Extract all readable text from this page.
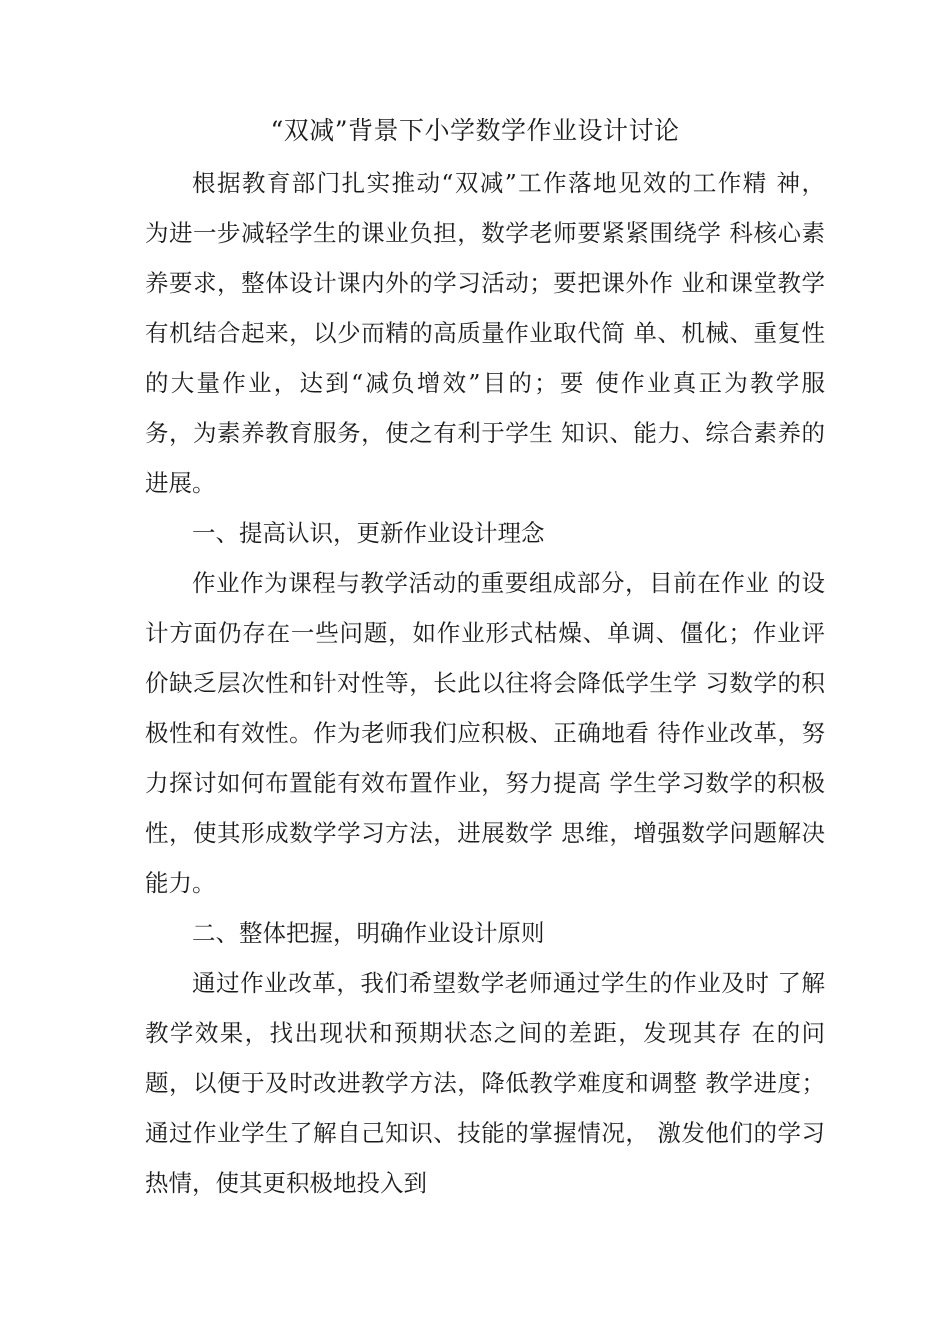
“双减”背景下小学数学作业设计讨论

根据教育部门扎实推动“双减”工作落地见效的工作精 神，

为进一步减轻学生的课业负担，数学老师要紧紧围绕学 科核心素

养要求，整体设计课内外的学习活动；要把课外作 业和课堂教学

有机结合起来，以少而精的高质量作业取代简 单、机械、重复性

的大量作业，达到“减负增效”目的；要 使作业真正为教学服

务，为素养教育服务，使之有利于学生 知识、能力、综合素养的

进展。

一、提高认识，更新作业设计理念

作业作为课程与教学活动的重要组成部分，目前在作业 的设

计方面仍存在一些问题，如作业形式枯燥、单调、僵化；作业评

价缺乏层次性和针对性等，长此以往将会降低学生学 习数学的积

极性和有效性。作为老师我们应积极、正确地看 待作业改革，努

力探讨如何布置能有效布置作业，努力提高 学生学习数学的积极

性，使其形成数学学习方法，进展数学 思维，增强数学问题解决

能力。

二、整体把握，明确作业设计原则

通过作业改革，我们希望数学老师通过学生的作业及时 了解

教学效果，找出现状和预期状态之间的差距，发现其存 在的问

题，以便于及时改进教学方法，降低教学难度和调整 教学进度；

通过作业学生了解自己知识、技能的掌握情况， 激发他们的学习

热情，使其更积极地投入到
